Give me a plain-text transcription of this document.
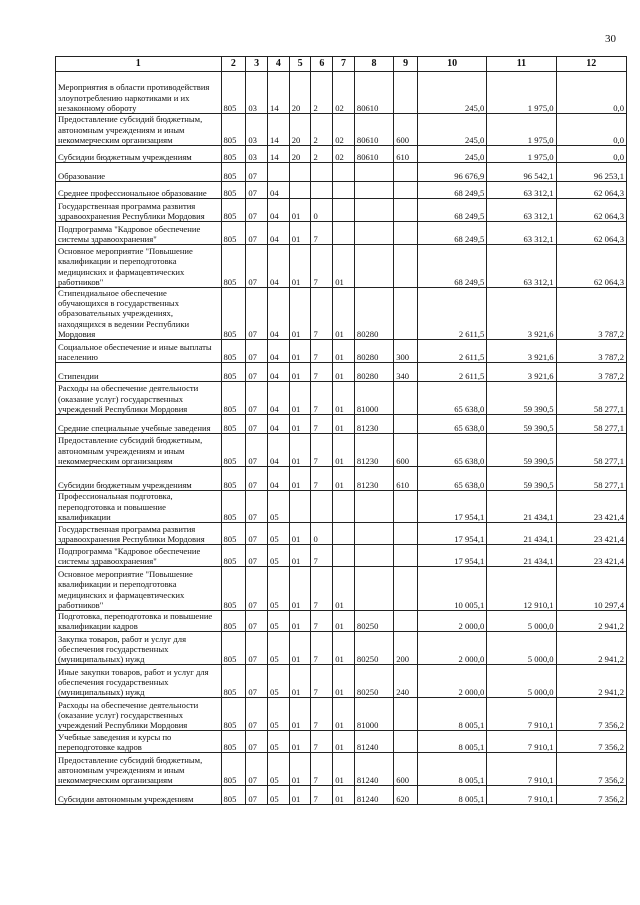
30
1	2	3	4	5	6	7	8	9	10	11	12
Мероприятия в области противодействия злоупотреблению наркотиками и их незаконному обороту	805	03	14	20	2	02	80610		245,0	1 975,0	0,0
Предоставление субсидий бюджетным, автономным учреждениям и иным некоммерческим организациям	805	03	14	20	2	02	80610	600	245,0	1 975,0	0,0
Субсидии бюджетным учреждениям	805	03	14	20	2	02	80610	610	245,0	1 975,0	0,0
Образование	805	07							96 676,9	96 542,1	96 253,1
Среднее профессиональное образование	805	07	04						68 249,5	63 312,1	62 064,3
Государственная программа развития здравоохранения Республики Мордовия	805	07	04	01	0				68 249,5	63 312,1	62 064,3
Подпрограмма "Кадровое обеспечение системы здравоохранения"	805	07	04	01	7				68 249,5	63 312,1	62 064,3
Основное мероприятие "Повышение квалификации и переподготовка медицинских и фармацевтических работников"	805	07	04	01	7	01			68 249,5	63 312,1	62 064,3
Стипендиальное обеспечение обучающихся в государственных образовательных учреждениях, находящихся в ведении Республики Мордовия	805	07	04	01	7	01	80280		2 611,5	3 921,6	3 787,2
Социальное обеспечение и иные выплаты населению	805	07	04	01	7	01	80280	300	2 611,5	3 921,6	3 787,2
Стипендии	805	07	04	01	7	01	80280	340	2 611,5	3 921,6	3 787,2
Расходы на обеспечение деятельности (оказание услуг) государственных учреждений Республики Мордовия	805	07	04	01	7	01	81000		65 638,0	59 390,5	58 277,1
Средние специальные учебные заведения	805	07	04	01	7	01	81230		65 638,0	59 390,5	58 277,1
Предоставление субсидий бюджетным, автономным учреждениям и иным некоммерческим организациям	805	07	04	01	7	01	81230	600	65 638,0	59 390,5	58 277,1
Субсидии бюджетным учреждениям	805	07	04	01	7	01	81230	610	65 638,0	59 390,5	58 277,1
Профессиональная подготовка, переподготовка и повышение квалификации	805	07	05						17 954,1	21 434,1	23 421,4
Государственная программа развития здравоохранения Республики Мордовия	805	07	05	01	0				17 954,1	21 434,1	23 421,4
Подпрограмма "Кадровое обеспечение системы здравоохранения"	805	07	05	01	7				17 954,1	21 434,1	23 421,4
Основное мероприятие "Повышение квалификации и переподготовка медицинских и фармацевтических работников"	805	07	05	01	7	01			10 005,1	12 910,1	10 297,4
Подготовка, переподготовка и повышение квалификации кадров	805	07	05	01	7	01	80250		2 000,0	5 000,0	2 941,2
Закупка товаров, работ и услуг для обеспечения государственных (муниципальных) нужд	805	07	05	01	7	01	80250	200	2 000,0	5 000,0	2 941,2
Иные закупки товаров, работ и услуг для обеспечения государственных (муниципальных) нужд	805	07	05	01	7	01	80250	240	2 000,0	5 000,0	2 941,2
Расходы на обеспечение деятельности (оказание услуг) государственных учреждений Республики Мордовия	805	07	05	01	7	01	81000		8 005,1	7 910,1	7 356,2
Учебные заведения и курсы по переподготовке кадров	805	07	05	01	7	01	81240		8 005,1	7 910,1	7 356,2
Предоставление субсидий бюджетным, автономным учреждениям и иным некоммерческим организациям	805	07	05	01	7	01	81240	600	8 005,1	7 910,1	7 356,2
Субсидии автономным учреждениям	805	07	05	01	7	01	81240	620	8 005,1	7 910,1	7 356,2
